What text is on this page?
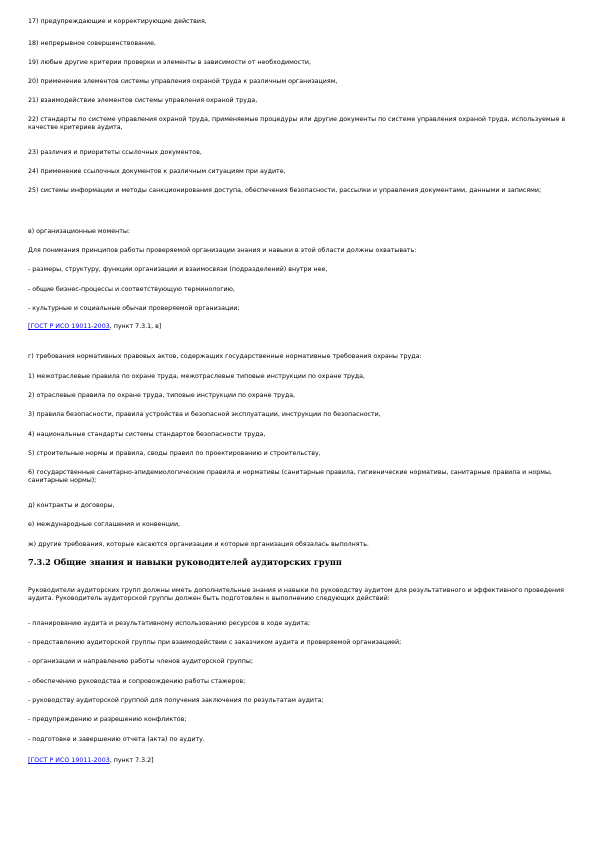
17) предупреждающие и корректирующие действия,

18) непрерывное совершенствование,

19) любые другие критерии проверки и элементы в зависимости от необходимости,

20) применение элементов системы управления охраной труда к различным организациям,

21) взаимодействие элементов системы управления охраной труда,

22) стандарты по системе управления охраной труда, применяемые процедуры или другие документы по системе управления охраной труда, используемые в качестве критериев аудита,

23) различия и приоритеты ссылочных документов,

24) применение ссылочных документов к различным ситуациям при аудите,

25) системы информации и методы санкционирования доступа, обеспечения безопасности, рассылки и управления документами, данными и записями;

в) организационные моменты:

Для понимания принципов работы проверяемой организации знания и навыки в этой области должны охватывать:

- размеры, структуру, функции организации и взаимосвязи (подразделений) внутри нее,

- общие бизнес-процессы и соответствующую терминологию,

- культурные и социальные обычаи проверяемой организации;

[ГОСТ Р ИСО 19011-2003, пункт 7.3.1, в]

г) требования нормативных правовых актов, содержащих государственные нормативные требования охраны труда:

1) межотраслевые правила по охране труда, межотраслевые типовые инструкции по охране труда,

2) отраслевые правила по охране труда, типовые инструкции по охране труда,

3) правила безопасности, правила устройства и безопасной эксплуатации, инструкции по безопасности,

4) национальные стандарты системы стандартов безопасности труда,

5) строительные нормы и правила, своды правил по проектированию и строительству,

6) государственные санитарно-эпидемиологические правила и нормативы (санитарные правила, гигиенические нормативы, санитарные правила и нормы, санитарные нормы);

д) контракты и договоры,

е) международные соглашения и конвенции,

ж) другие требования, которые касаются организации и которые организация обязалась выполнять.

7.3.2 Общие знания и навыки руководителей аудиторских групп

Руководители аудиторских групп должны иметь дополнительные знания и навыки по руководству аудитом для результативного и эффективного проведения аудита. Руководитель аудиторской группы должен быть подготовлен к выполнению следующих действий:

- планированию аудита и результативному использованию ресурсов в ходе аудита;

- представлению аудиторской группы при взаимодействии с заказчиком аудита и проверяемой организацией;

- организации и направлению работы членов аудиторской группы;

- обеспечению руководства и сопровождению работы стажеров;

- руководству аудиторской группой для получения заключения по результатам аудита;

- предупреждению и разрешению конфликтов;

- подготовке и завершению отчета (акта) по аудиту.

[ГОСТ Р ИСО 19011-2003, пункт 7.3.2]
